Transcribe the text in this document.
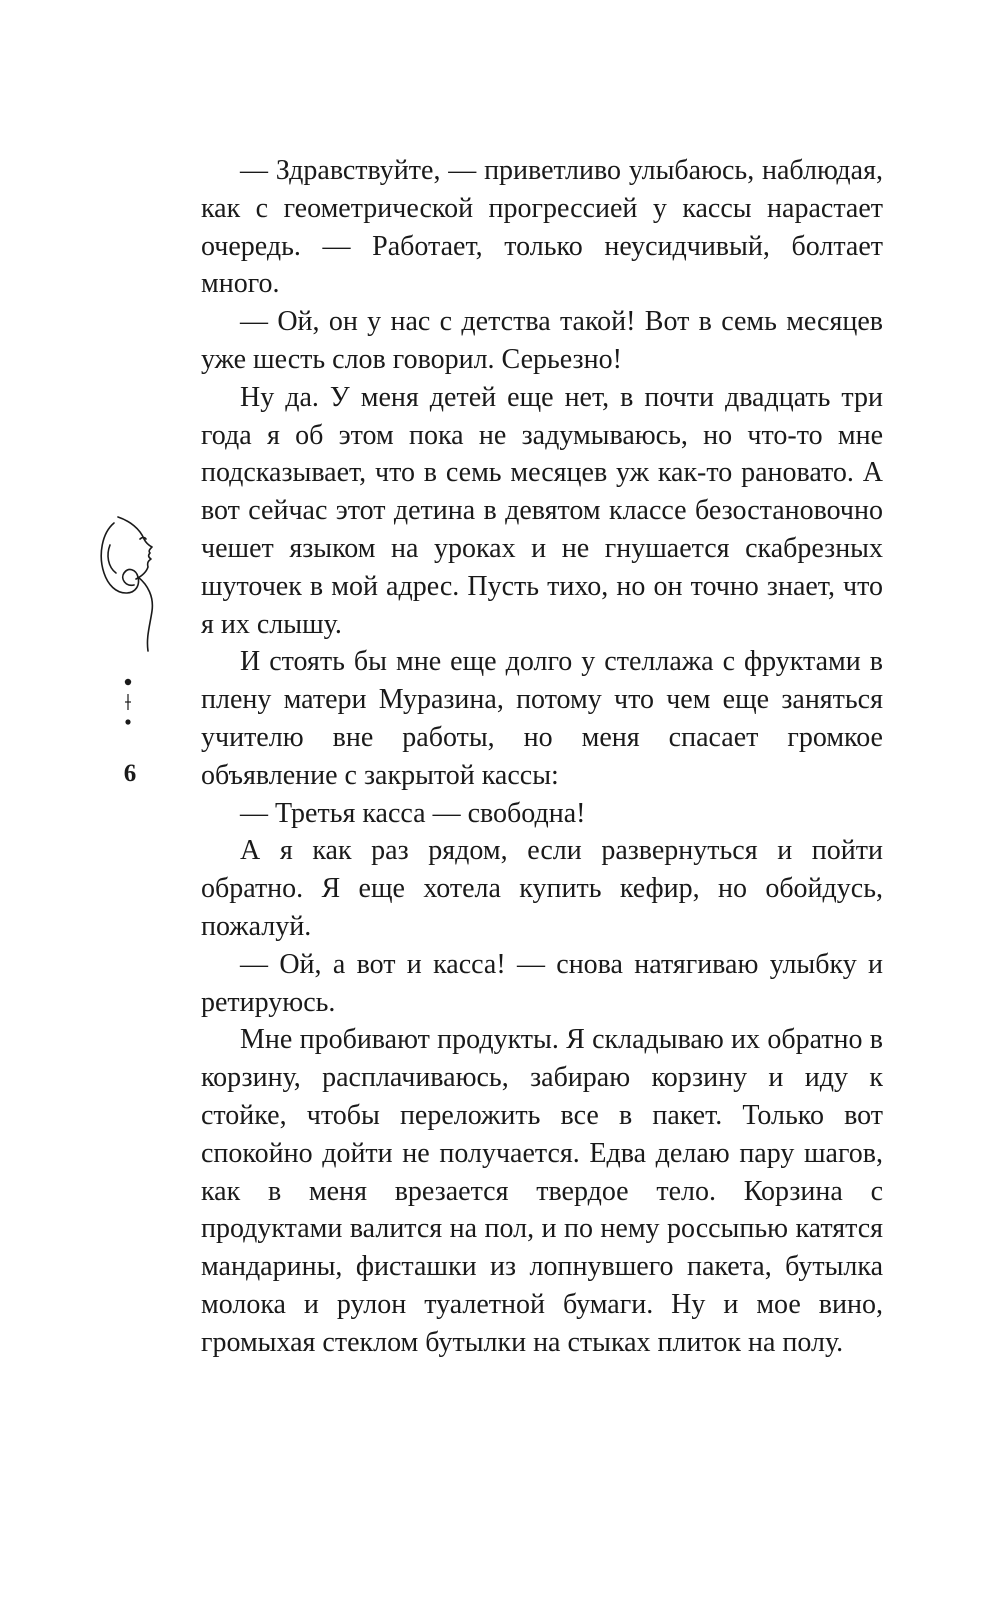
6

— Здравствуйте, — приветливо улыбаюсь, наблюдая, как с геометрической прогрессией у кассы нарастает очередь. — Работает, только неусидчивый, болтает много.

— Ой, он у нас с детства такой! Вот в семь месяцев уже шесть слов говорил. Серьезно!

Ну да. У меня детей еще нет, в почти двадцать три года я об этом пока не задумываюсь, но что-то мне подсказывает, что в семь месяцев уж как-то рановато. А вот сейчас этот детина в девятом классе безостановочно чешет языком на уроках и не гнушается скабрезных шуточек в мой адрес. Пусть тихо, но он точно знает, что я их слышу.

И стоять бы мне еще долго у стеллажа с фруктами в плену матери Муразина, потому что чем еще заняться учителю вне работы, но меня спасает громкое объявление с закрытой кассы:

— Третья касса — свободна!

А я как раз рядом, если развернуться и пойти обратно. Я еще хотела купить кефир, но обойдусь, пожалуй.

— Ой, а вот и касса! — снова натягиваю улыбку и ретируюсь.

Мне пробивают продукты. Я складываю их обратно в корзину, расплачиваюсь, забираю корзину и иду к стойке, чтобы переложить все в пакет. Только вот спокойно дойти не получается. Едва делаю пару шагов, как в меня врезается твердое тело. Корзина с продуктами валится на пол, и по нему россыпью катятся мандарины, фисташки из лопнувшего пакета, бутылка молока и рулон туалетной бумаги. Ну и мое вино, громыхая стеклом бутылки на стыках плиток на полу.
